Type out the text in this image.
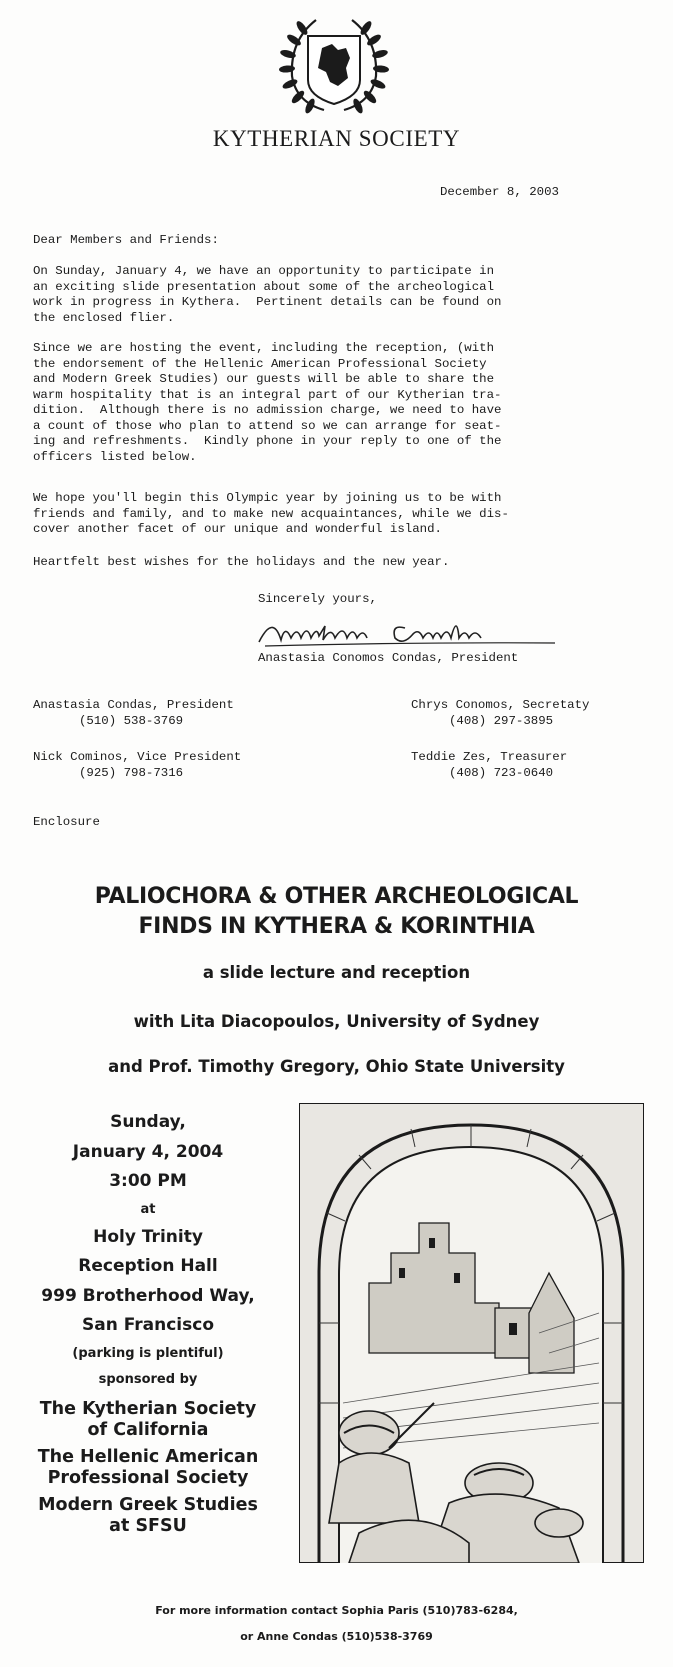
KYTHERIAN SOCIETY
December 8, 2003
Dear Members and Friends:

On Sunday, January 4, we have an opportunity to participate in
an exciting slide presentation about some of the archeological
work in progress in Kythera.  Pertinent details can be found on
the enclosed flier.

Since we are hosting the event, including the reception, (with
the endorsement of the Hellenic American Professional Society
and Modern Greek Studies) our guests will be able to share the
warm hospitality that is an integral part of our Kytherian tra-
dition.  Although there is no admission charge, we need to have
a count of those who plan to attend so we can arrange for seat-
ing and refreshments.  Kindly phone in your reply to one of the
officers listed below.

We hope you'll begin this Olympic year by joining us to be with
friends and family, and to make new acquaintances, while we dis-
cover another facet of our unique and wonderful island.

Heartfelt best wishes for the holidays and the new year.

Sincerely yours,
Anastasia Conomos Condas, President
Anastasia Condas, President
(510) 538-3769
Chrys Conomos, Secretaty
(408) 297-3895
Nick Cominos, Vice President
(925) 798-7316
Teddie Zes, Treasurer
(408) 723-0640
Enclosure
PALIOCHORA & OTHER ARCHEOLOGICAL
FINDS IN KYTHERA & KORINTHIA
a slide lecture and reception
with Lita Diacopoulos, University of Sydney
and Prof. Timothy Gregory, Ohio State University
Sunday,
January 4, 2004
3:00 PM
at
Holy Trinity
Reception Hall
999 Brotherhood Way,
San Francisco
(parking is plentiful)
sponsored by
The Kytherian Society
of California
The Hellenic American
Professional Society
Modern Greek Studies
at SFSU
For more information contact Sophia Paris (510)783-6284,
or Anne Condas (510)538-3769
